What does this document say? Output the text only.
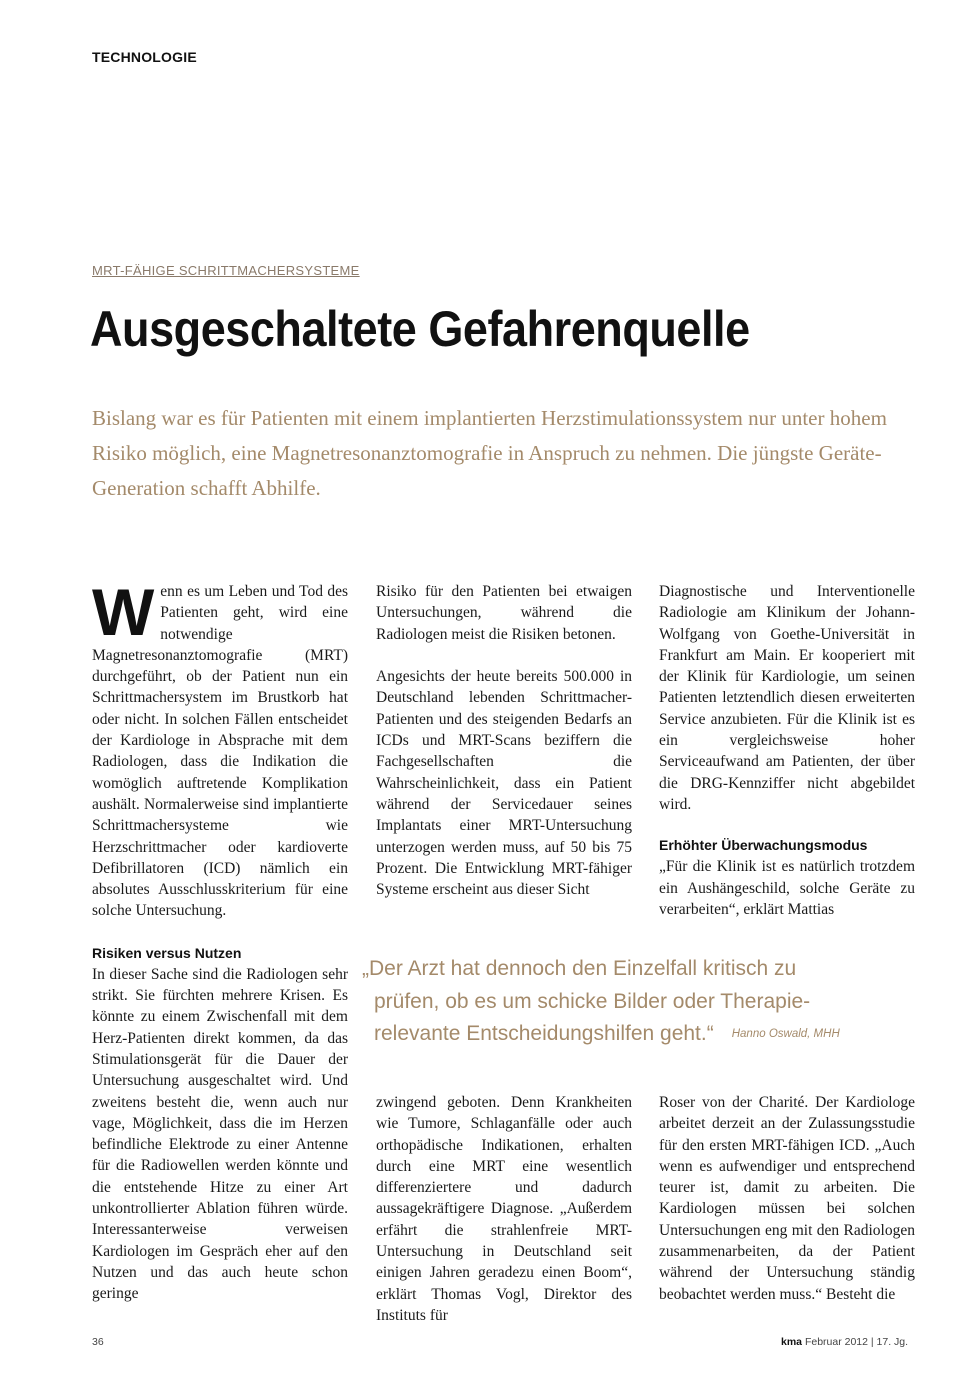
TECHNOLOGIE
MRT-FÄHIGE SCHRITTMACHERSYSTEME
Ausgeschaltete Gefahrenquelle

Bislang war es für Patienten mit einem implantierten Herzstimulationssystem nur unter hohem Risiko möglich, eine Magnetresonanztomografie in Anspruch zu nehmen. Die jüngste Geräte-Generation schafft Abhilfe.

Wenn es um Leben und Tod des Patienten geht, wird eine notwendige Magnetresonanztomografie (MRT) durchgeführt, ob der Patient nun ein Schrittmachersystem im Brustkorb hat oder nicht. In solchen Fällen entscheidet der Kardiologe in Absprache mit dem Radiologen, dass die Indikation die womöglich auftretende Komplikation aushält. Normalerweise sind implantierte Schrittmachersysteme wie Herzschrittmacher oder kardioverte Defibrillatoren (ICD) nämlich ein absolutes Ausschlusskriterium für eine solche Untersuchung.

Risiken versus Nutzen

In dieser Sache sind die Radiologen sehr strikt. Sie fürchten mehrere Krisen. Es könnte zu einem Zwischenfall mit dem Herz-Patienten direkt kommen, da das Stimulationsgerät für die Dauer der Untersuchung ausgeschaltet wird. Und zweitens besteht die, wenn auch nur vage, Möglichkeit, dass die im Herzen befindliche Elektrode zu einer Antenne für die Radiowellen werden könnte und die entstehende Hitze zu einer Art unkontrollierter Ablation führen würde. Interessanterweise verweisen Kardiologen im Gespräch eher auf den Nutzen und das auch heute schon geringe

Risiko für den Patienten bei etwaigen Untersuchungen, während die Radiologen meist die Risiken betonen.

Angesichts der heute bereits 500.000 in Deutschland lebenden Schrittmacher-Patienten und des steigenden Bedarfs an ICDs und MRT-Scans beziffern die Fachgesellschaften die Wahrscheinlichkeit, dass ein Patient während der Servicedauer seines Implantats einer MRT-Untersuchung unterzogen werden muss, auf 50 bis 75 Prozent. Die Entwicklung MRT-fähiger Systeme erscheint aus dieser Sicht

Diagnostische und Interventionelle Radiologie am Klinikum der Johann-Wolfgang von Goethe-Universität in Frankfurt am Main. Er kooperiert mit der Klinik für Kardiologie, um seinen Patienten letztendlich diesen erweiterten Service anzubieten. Für die Klinik ist es ein vergleichsweise hoher Serviceaufwand am Patienten, der über die DRG-Kennziffer nicht abgebildet wird.

Erhöhter Überwachungsmodus

„Für die Klinik ist es natürlich trotzdem ein Aushängeschild, solche Geräte zu verarbeiten“, erklärt Mattias

„Der Arzt hat dennoch den Einzelfall kritisch zu
prüfen, ob es um schicke Bilder oder Therapie-
relevante Entscheidungshilfen geht.“ Hanno Oswald, MHH

zwingend geboten. Denn Krankheiten wie Tumore, Schlaganfälle oder auch orthopädische Indikationen, erhalten durch eine MRT eine wesentlich differenziertere und dadurch aussagekräftigere Diagnose. „Außerdem erfährt die strahlenfreie MRT-Untersuchung in Deutschland seit einigen Jahren geradezu einen Boom“, erklärt Thomas Vogl, Direktor des Instituts für

Roser von der Charité. Der Kardiologe arbeitet derzeit an der Zulassungsstudie für den ersten MRT-fähigen ICD. „Auch wenn es aufwendiger und entsprechend teurer ist, damit zu arbeiten. Die Kardiologen müssen bei solchen Untersuchungen eng mit den Radiologen zusammenarbeiten, da der Patient während der Untersuchung ständig beobachtet werden muss.“ Besteht die

36	kma Februar 2012 | 17. Jg.
